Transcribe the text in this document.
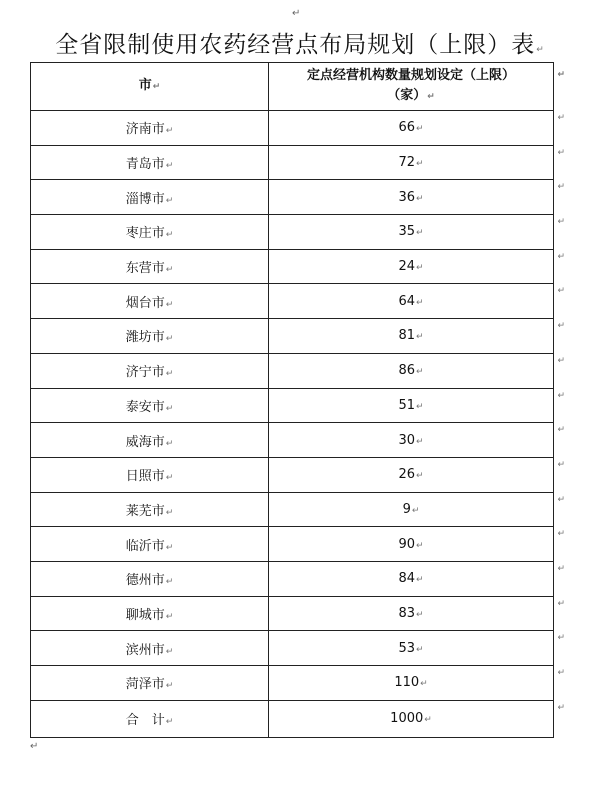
↵
全省限制使用农药经营点布局规划（上限）表↵
市↵	定点经营机构数量规划设定（上限）
（家）↵
↵

济南市↵	66↵
↵

青岛市↵	72↵
↵

淄博市↵	36↵
↵

枣庄市↵	35↵
↵

东营市↵	24↵
↵

烟台市↵	64↵
↵

潍坊市↵	81↵
↵

济宁市↵	86↵
↵

泰安市↵	51↵
↵

威海市↵	30↵
↵

日照市↵	26↵
↵

莱芜市↵	9↵
↵

临沂市↵	90↵
↵

德州市↵	84↵
↵

聊城市↵	83↵
↵

滨州市↵	53↵
↵

菏泽市↵	110↵
↵

合　计↵	1000↵
↵
↵
